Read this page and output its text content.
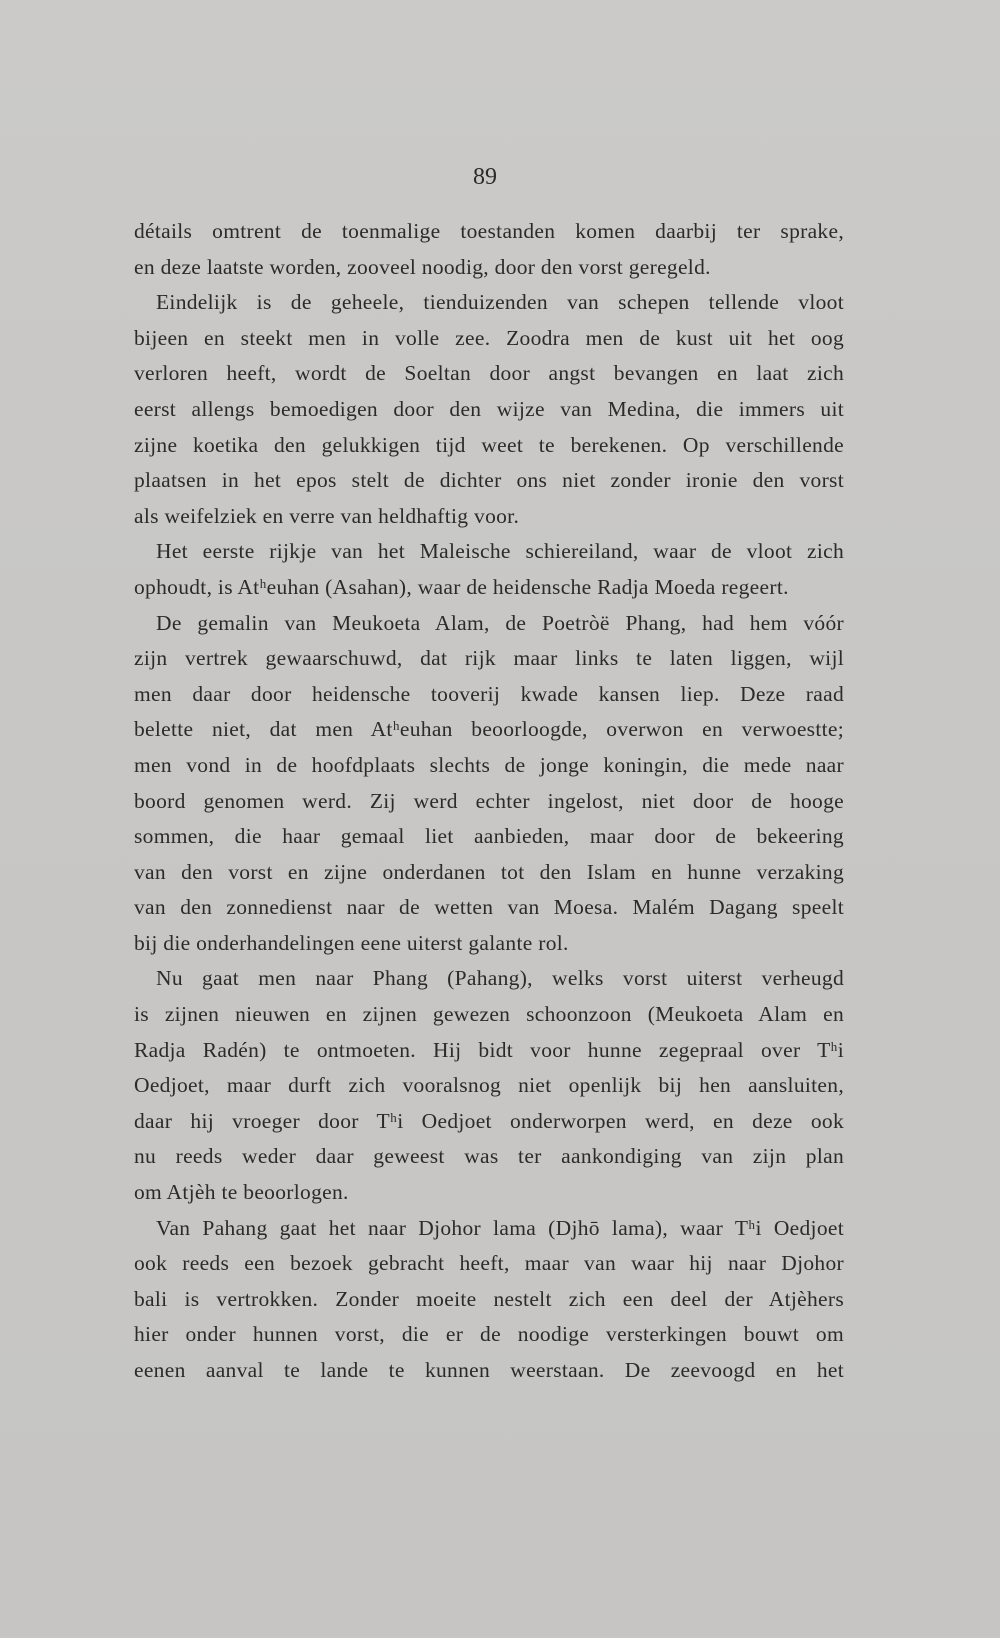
89
détails omtrent de toenmalige toestanden komen daarbij ter sprake,
en deze laatste worden, zooveel noodig, door den vorst geregeld.
Eindelijk is de geheele, tienduizenden van schepen tellende vloot
bijeen en steekt men in volle zee. Zoodra men de kust uit het oog
verloren heeft, wordt de Soeltan door angst bevangen en laat zich
eerst allengs bemoedigen door den wijze van Medina, die immers uit
zijne koetika den gelukkigen tijd weet te berekenen. Op verschillende
plaatsen in het epos stelt de dichter ons niet zonder ironie den vorst
als weifelziek en verre van heldhaftig voor.
Het eerste rijkje van het Maleische schiereiland, waar de vloot zich
ophoudt, is Atʰeuhan (Asahan), waar de heidensche Radja Moeda regeert.
De gemalin van Meukoeta Alam, de Poetròë Phang, had hem vóór
zijn vertrek gewaarschuwd, dat rijk maar links te laten liggen, wijl
men daar door heidensche tooverij kwade kansen liep. Deze raad
belette niet, dat men Atʰeuhan beoorloogde, overwon en verwoestte;
men vond in de hoofdplaats slechts de jonge koningin, die mede naar
boord genomen werd. Zij werd echter ingelost, niet door de hooge
sommen, die haar gemaal liet aanbieden, maar door de bekeering
van den vorst en zijne onderdanen tot den Islam en hunne verzaking
van den zonnedienst naar de wetten van Moesa. Malém Dagang speelt
bij die onderhandelingen eene uiterst galante rol.
Nu gaat men naar Phang (Pahang), welks vorst uiterst verheugd
is zijnen nieuwen en zijnen gewezen schoonzoon (Meukoeta Alam en
Radja Radén) te ontmoeten. Hij bidt voor hunne zegepraal over Tʰi
Oedjoet, maar durft zich vooralsnog niet openlijk bij hen aansluiten,
daar hij vroeger door Tʰi Oedjoet onderworpen werd, en deze ook
nu reeds weder daar geweest was ter aankondiging van zijn plan
om Atjèh te beoorlogen.
Van Pahang gaat het naar Djohor lama (Djhō lama), waar Tʰi Oedjoet
ook reeds een bezoek gebracht heeft, maar van waar hij naar Djohor
bali is vertrokken. Zonder moeite nestelt zich een deel der Atjèhers
hier onder hunnen vorst, die er de noodige versterkingen bouwt om
eenen aanval te lande te kunnen weerstaan. De zeevoogd en het
